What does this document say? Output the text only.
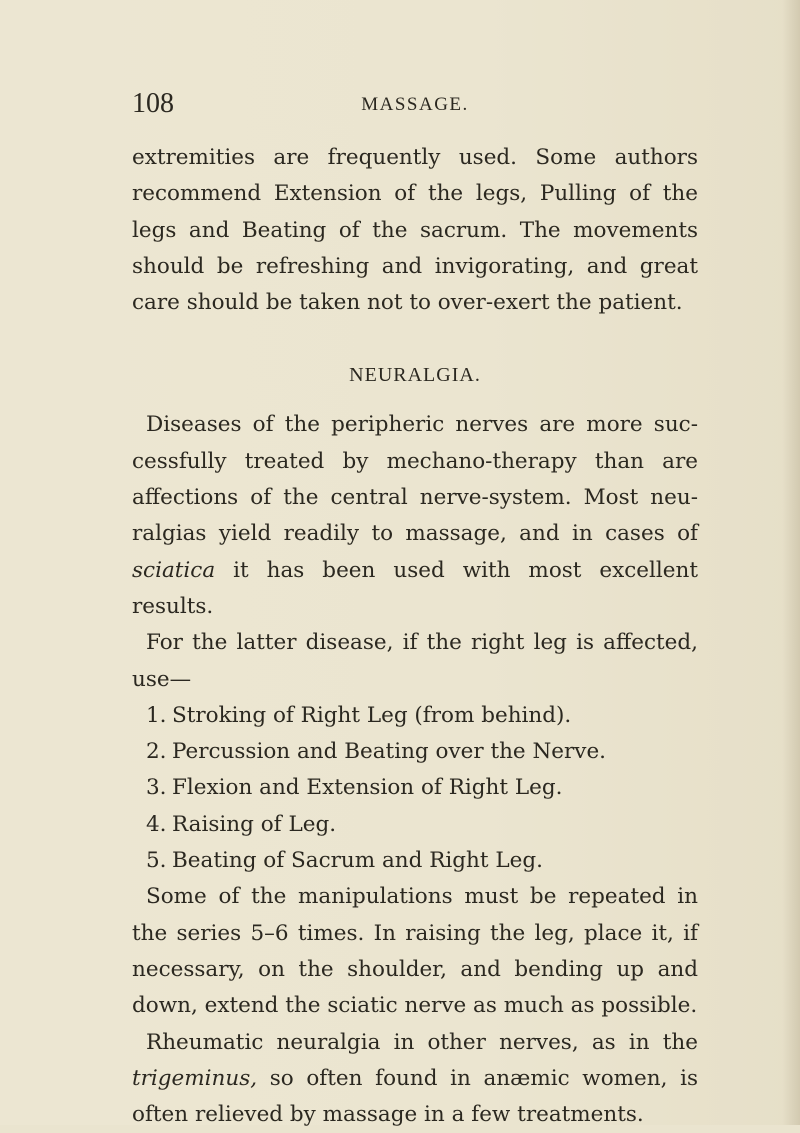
108	MASSAGE.

extremities are frequently used. Some authors

recommend Extension of the legs, Pulling of the

legs and Beating of the sacrum. The movements

should be refreshing and invigorating, and great

care should be taken not to over-exert the patient.

NEURALGIA.

Diseases of the peripheric nerves are more suc-

cessfully treated by mechano-therapy than are

affections of the central nerve-system. Most neu-

ralgias yield readily to massage, and in cases of

sciatica it has been used with most excellent

results.

For the latter disease, if the right leg is affected,

use—

1. Stroking of Right Leg (from behind).

2. Percussion and Beating over the Nerve.

3. Flexion and Extension of Right Leg.

4. Raising of Leg.

5. Beating of Sacrum and Right Leg.

Some of the manipulations must be repeated in

the series 5–6 times. In raising the leg, place it, if

necessary, on the shoulder, and bending up and

down, extend the sciatic nerve as much as possible.

Rheumatic neuralgia in other nerves, as in the

trigeminus, so often found in anæmic women, is

often relieved by massage in a few treatments.
